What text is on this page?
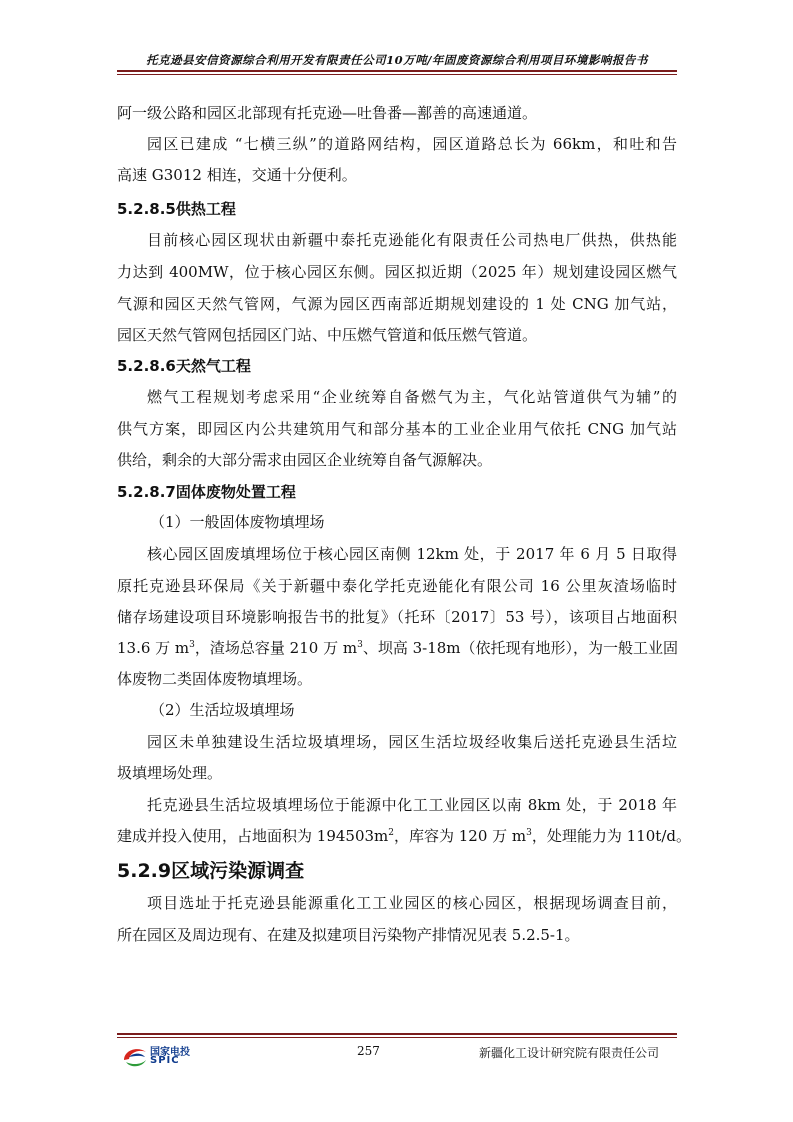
托克逊县安信资源综合利用开发有限责任公司10万吨/年固废资源综合利用项目环境影响报告书
阿一级公路和园区北部现有托克逊—吐鲁番—鄯善的高速通道。
园区已建成 “七横三纵”的道路网结构，园区道路总长为 66km，和吐和告
高速 G3012 相连，交通十分便利。
5.2.8.5供热工程
目前核心园区现状由新疆中泰托克逊能化有限责任公司热电厂供热，供热能
力达到 400MW，位于核心园区东侧。园区拟近期（2025 年）规划建设园区燃气
气源和园区天然气管网，气源为园区西南部近期规划建设的 1 处 CNG 加气站，
园区天然气管网包括园区门站、中压燃气管道和低压燃气管道。
5.2.8.6天然气工程
燃气工程规划考虑采用“企业统筹自备燃气为主，气化站管道供气为辅”的
供气方案，即园区内公共建筑用气和部分基本的工业企业用气依托 CNG 加气站
供给，剩余的大部分需求由园区企业统筹自备气源解决。
5.2.8.7固体废物处置工程
（1）一般固体废物填埋场
核心园区固废填埋场位于核心园区南侧 12km 处，于 2017 年 6 月 5 日取得
原托克逊县环保局《关于新疆中泰化学托克逊能化有限公司 16 公里灰渣场临时
储存场建设项目环境影响报告书的批复》（托环〔2017〕53 号），该项目占地面积
13.6 万 $m^3$，渣场总容量 210 万 $m^3$、坝高 3-18m（依托现有地形），为一般工业固
体废物二类固体废物填埋场。
（2）生活垃圾填埋场
园区未单独建设生活垃圾填埋场，园区生活垃圾经收集后送托克逊县生活垃
圾填埋场处理。
托克逊县生活垃圾填埋场位于能源中化工工业园区以南 8km 处，于 2018 年
建成并投入使用，占地面积为 $194503m^2$，库容为 120 万 $m^3$，处理能力为 110t/d。
5.2.9区域污染源调查
项目选址于托克逊县能源重化工工业园区的核心园区，根据现场调查目前，
所在园区及周边现有、在建及拟建项目污染物产排情况见表 5.2.5-1。
国家电投
SPIC
257	新疆化工设计研究院有限责任公司
